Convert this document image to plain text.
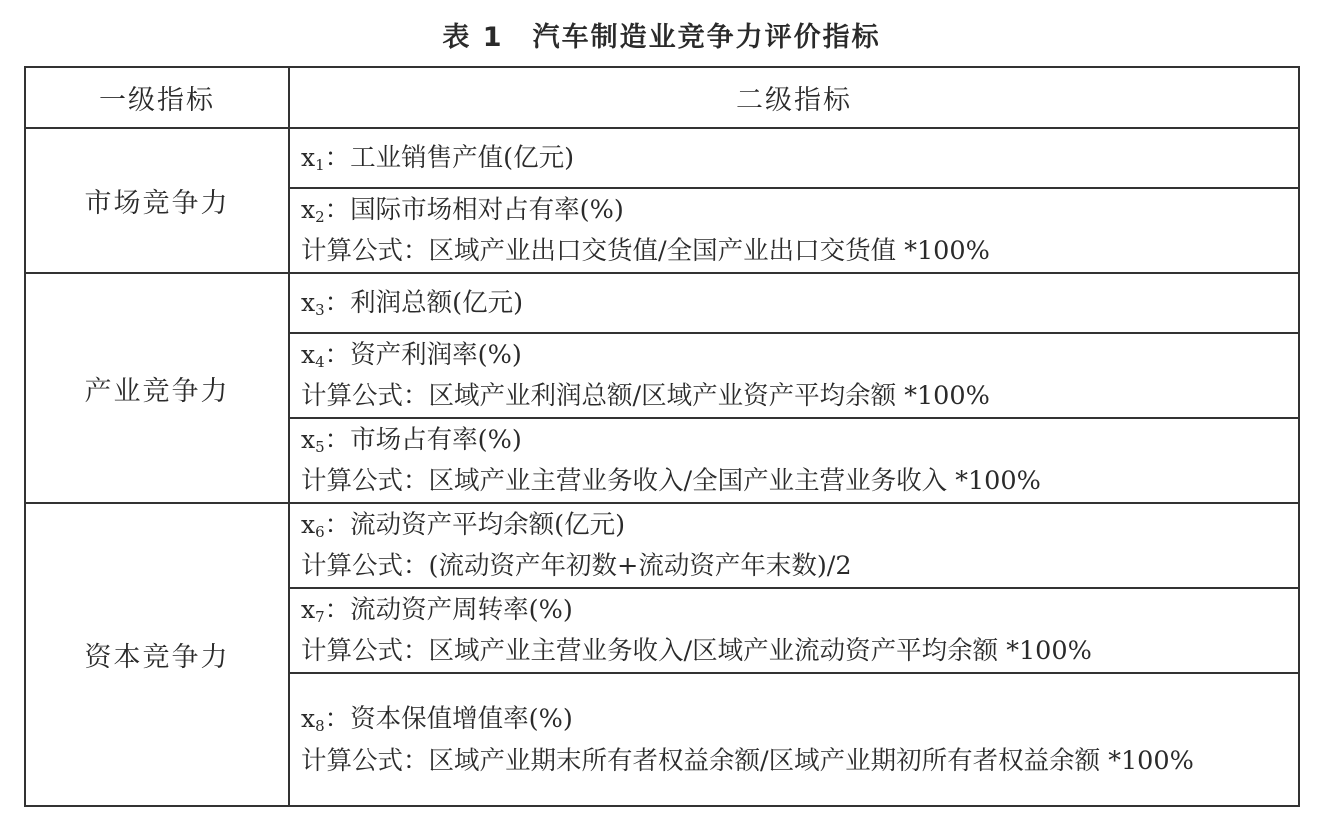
表 1　汽车制造业竞争力评价指标
一级指标	二级指标
市场竞争力	$x_1$：工业销售产值(亿元)

	$x_2$：国际市场相对占有率(%)
计算公式：区域产业出口交货值/全国产业出口交货值 *100%

产业竞争力	$x_3$：利润总额(亿元)

	$x_4$：资产利润率(%)
计算公式：区域产业利润总额/区域产业资产平均余额 *100%

	$x_5$：市场占有率(%)
计算公式：区域产业主营业务收入/全国产业主营业务收入 *100%

资本竞争力	$x_6$：流动资产平均余额(亿元)
计算公式：(流动资产年初数+流动资产年末数)/2

	$x_7$：流动资产周转率(%)
计算公式：区域产业主营业务收入/区域产业流动资产平均余额 *100%

	$x_8$：资本保值增值率(%)
计算公式：区域产业期末所有者权益余额/区域产业期初所有者权益余额 *100%
